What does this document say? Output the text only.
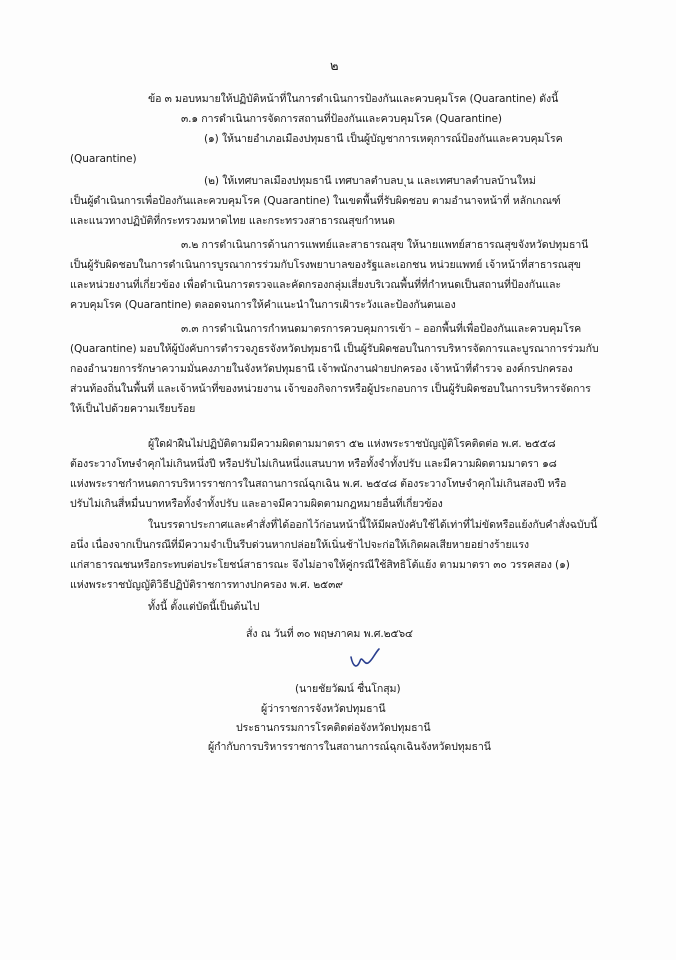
๒
ข้อ ๓ มอบหมายให้ปฏิบัติหน้าที่ในการดำเนินการป้องกันและควบคุมโรค (Quarantine) ดังนี้
๓.๑ การดำเนินการจัดการสถานที่ป้องกันและควบคุมโรค (Quarantine)
(๑) ให้นายอำเภอเมืองปทุมธานี เป็นผู้บัญชาการเหตุการณ์ป้องกันและควบคุมโรค
(Quarantine)
(๒) ให้เทศบาลเมืองปทุมธานี เทศบาลตำบลบ ุน และเทศบาลตำบลบ้านใหม่
เป็นผู้ดำเนินการเพื่อป้องกันและควบคุมโรค (Quarantine) ในเขตพื้นที่รับผิดชอบ ตามอำนาจหน้าที่ หลักเกณฑ์
และแนวทางปฏิบัติที่กระทรวงมหาดไทย และกระทรวงสาธารณสุขกำหนด
๓.๒ การดำเนินการด้านการแพทย์และสาธารณสุข ให้นายแพทย์สาธารณสุขจังหวัดปทุมธานี
เป็นผู้รับผิดชอบในการดำเนินการบูรณาการร่วมกับโรงพยาบาลของรัฐและเอกชน หน่วยแพทย์ เจ้าหน้าที่สาธารณสุข
และหน่วยงานที่เกี่ยวข้อง เพื่อดำเนินการตรวจและคัดกรองกลุ่มเสี่ยงบริเวณพื้นที่ที่กำหนดเป็นสถานที่ป้องกันและ
ควบคุมโรค (Quarantine) ตลอดจนการให้คำแนะนำในการเฝ้าระวังและป้องกันตนเอง
๓.๓ การดำเนินการกำหนดมาตรการควบคุมการเข้า – ออกพื้นที่เพื่อป้องกันและควบคุมโรค
(Quarantine) มอบให้ผู้บังคับการตำรวจภูธรจังหวัดปทุมธานี เป็นผู้รับผิดชอบในการบริหารจัดการและบูรณาการร่วมกับ
กองอำนวยการรักษาความมั่นคงภายในจังหวัดปทุมธานี เจ้าพนักงานฝ่ายปกครอง เจ้าหน้าที่ตำรวจ องค์กรปกครอง
ส่วนท้องถิ่นในพื้นที่ และเจ้าหน้าที่ของหน่วยงาน เจ้าของกิจการหรือผู้ประกอบการ เป็นผู้รับผิดชอบในการบริหารจัดการ
ให้เป็นไปด้วยความเรียบร้อย
ผู้ใดฝ่าฝืนไม่ปฏิบัติตามมีความผิดตามมาตรา ๕๒ แห่งพระราชบัญญัติโรคติดต่อ พ.ศ. ๒๕๕๘
ต้องระวางโทษจำคุกไม่เกินหนึ่งปี หรือปรับไม่เกินหนึ่งแสนบาท หรือทั้งจำทั้งปรับ และมีความผิดตามมาตรา ๑๘
แห่งพระราชกำหนดการบริหารราชการในสถานการณ์ฉุกเฉิน พ.ศ. ๒๕๔๘ ต้องระวางโทษจำคุกไม่เกินสองปี หรือ
ปรับไม่เกินสี่หมื่นบาทหรือทั้งจำทั้งปรับ และอาจมีความผิดตามกฎหมายอื่นที่เกี่ยวข้อง
ในบรรดาประกาศและคำสั่งที่ได้ออกไว้ก่อนหน้านี้ให้มีผลบังคับใช้ได้เท่าที่ไม่ขัดหรือแย้งกับคำสั่งฉบับนี้
อนึ่ง เนื่องจากเป็นกรณีที่มีความจำเป็นรีบด่วนหากปล่อยให้เนิ่นช้าไปจะก่อให้เกิดผลเสียหายอย่างร้ายแรง
แก่สาธารณชนหรือกระทบต่อประโยชน์สาธารณะ จึงไม่อาจให้คู่กรณีใช้สิทธิโต้แย้ง ตามมาตรา ๓๐ วรรคสอง (๑)
แห่งพระราชบัญญัติวิธีปฏิบัติราชการทางปกครอง พ.ศ. ๒๕๓๙
ทั้งนี้ ตั้งแต่บัดนี้เป็นต้นไป
สั่ง ณ วันที่ ๓๐ พฤษภาคม พ.ศ.๒๕๖๔
(นายชัยวัฒน์ ชื่นโกสุม)
ผู้ว่าราชการจังหวัดปทุมธานี
ประธานกรรมการโรคติดต่อจังหวัดปทุมธานี
ผู้กำกับการบริหารราชการในสถานการณ์ฉุกเฉินจังหวัดปทุมธานี
